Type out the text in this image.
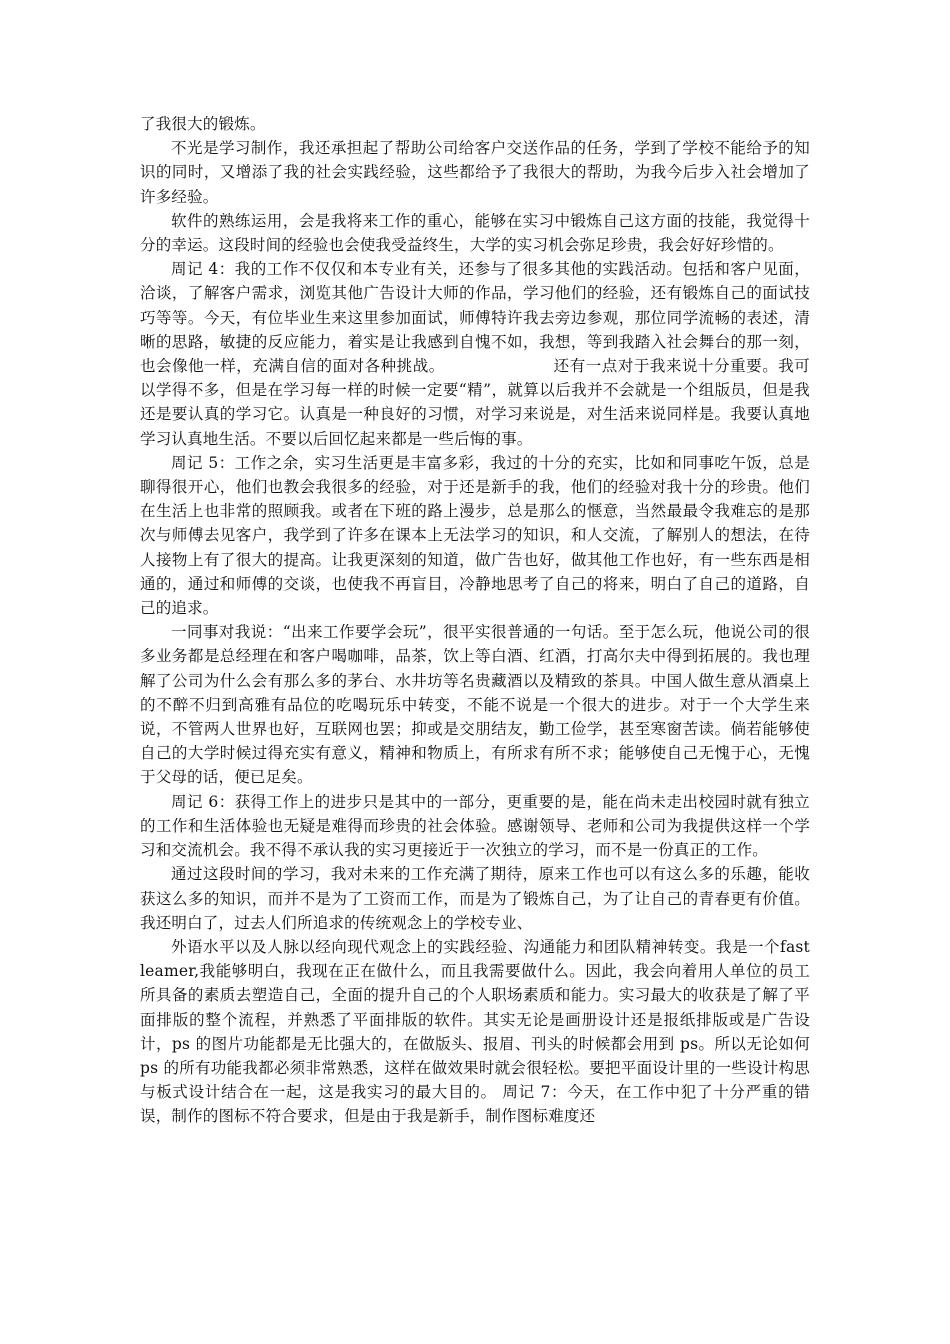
了我很大的锻炼。

不光是学习制作，我还承担起了帮助公司给客户交送作品的任务，学到了学校不能给予的知识的同时，又增添了我的社会实践经验，这些都给予了我很大的帮助，为我今后步入社会增加了许多经验。

软件的熟练运用，会是我将来工作的重心，能够在实习中锻炼自己这方面的技能，我觉得十分的幸运。这段时间的经验也会使我受益终生，大学的实习机会弥足珍贵，我会好好珍惜的。

周记 4：我的工作不仅仅和本专业有关，还参与了很多其他的实践活动。包括和客户见面，洽谈，了解客户需求，浏览其他广告设计大师的作品，学习他们的经验，还有锻炼自己的面试技巧等等。今天，有位毕业生来这里参加面试，师傅特许我去旁边参观，那位同学流畅的表述，清晰的思路，敏捷的反应能力，着实是让我感到自愧不如，我想，等到我踏入社会舞台的那一刻，也会像他一样，充满自信的面对各种挑战。	还有一点对于我来说十分重要。我可以学得不多，但是在学习每一样的时候一定要“精”，就算以后我并不会就是一个组版员，但是我还是要认真的学习它。认真是一种良好的习惯，对学习来说是，对生活来说同样是。我要认真地学习认真地生活。不要以后回忆起来都是一些后悔的事。

周记 5：工作之余，实习生活更是丰富多彩，我过的十分的充实，比如和同事吃午饭，总是聊得很开心，他们也教会我很多的经验，对于还是新手的我，他们的经验对我十分的珍贵。他们在生活上也非常的照顾我。或者在下班的路上漫步，总是那么的惬意，当然最最令我难忘的是那次与师傅去见客户，我学到了许多在课本上无法学习的知识，和人交流，了解别人的想法，在待人接物上有了很大的提高。让我更深刻的知道，做广告也好，做其他工作也好，有一些东西是相通的，通过和师傅的交谈，也使我不再盲目，冷静地思考了自己的将来，明白了自己的道路，自己的追求。

一同事对我说：“出来工作要学会玩”，很平实很普通的一句话。至于怎么玩，他说公司的很多业务都是总经理在和客户喝咖啡，品茶，饮上等白酒、红酒，打高尔夫中得到拓展的。我也理解了公司为什么会有那么多的茅台、水井坊等名贵藏酒以及精致的茶具。中国人做生意从酒桌上的不醉不归到高雅有品位的吃喝玩乐中转变，不能不说是一个很大的进步。对于一个大学生来说，不管两人世界也好，互联网也罢；抑或是交朋结友，勤工俭学，甚至寒窗苦读。倘若能够使自己的大学时候过得充实有意义，精神和物质上，有所求有所不求；能够使自己无愧于心，无愧于父母的话，便已足矣。

周记 6：获得工作上的进步只是其中的一部分，更重要的是，能在尚未走出校园时就有独立的工作和生活体验也无疑是难得而珍贵的社会体验。感谢领导、老师和公司为我提供这样一个学习和交流机会。我不得不承认我的实习更接近于一次独立的学习，而不是一份真正的工作。

通过这段时间的学习，我对未来的工作充满了期待，原来工作也可以有这么多的乐趣，能收获这么多的知识，而并不是为了工资而工作，而是为了锻炼自己，为了让自己的青春更有价值。我还明白了，过去人们所追求的传统观念上的学校专业、

外语水平以及人脉以经向现代观念上的实践经验、沟通能力和团队精神转变。我是一个fast leamer,我能够明白，我现在正在做什么，而且我需要做什么。因此，我会向着用人单位的员工所具备的素质去塑造自己，全面的提升自己的个人职场素质和能力。实习最大的收获是了解了平面排版的整个流程，并熟悉了平面排版的软件。其实无论是画册设计还是报纸排版或是广告设计，ps 的图片功能都是无比强大的，在做版头、报眉、刊头的时候都会用到 ps。所以无论如何 ps 的所有功能我都必须非常熟悉，这样在做效果时就会很轻松。要把平面设计里的一些设计构思与板式设计结合在一起，这是我实习的最大目的。 周记 7：今天，在工作中犯了十分严重的错误，制作的图标不符合要求，但是由于我是新手，制作图标难度还
